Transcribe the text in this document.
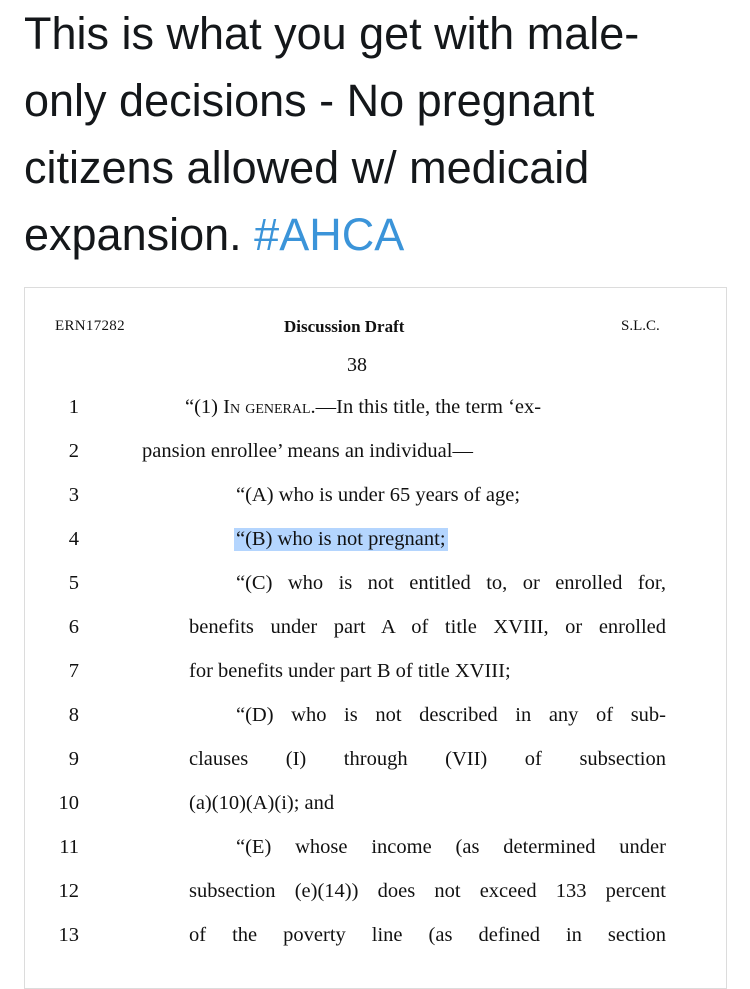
This is what you get with male-
only decisions - No pregnant
citizens allowed w/ medicaid
expansion. #AHCA
ERN17282	Discussion Draft	S.L.C.
38
1	“(1) In general.—In this title, the term ‘ex-
2	pansion enrollee’ means an individual—
3	“(A) who is under 65 years of age;
4	“(B) who is not pregnant;
5	“(C) who is not entitled to, or enrolled for,
6	benefits under part A of title XVIII, or enrolled
7	for benefits under part B of title XVIII;
8	“(D) who is not described in any of sub-
9	clauses (I) through (VII) of subsection
10	(a)(10)(A)(i); and
11	“(E) whose income (as determined under
12	subsection (e)(14)) does not exceed 133 percent
13	of the poverty line (as defined in section
